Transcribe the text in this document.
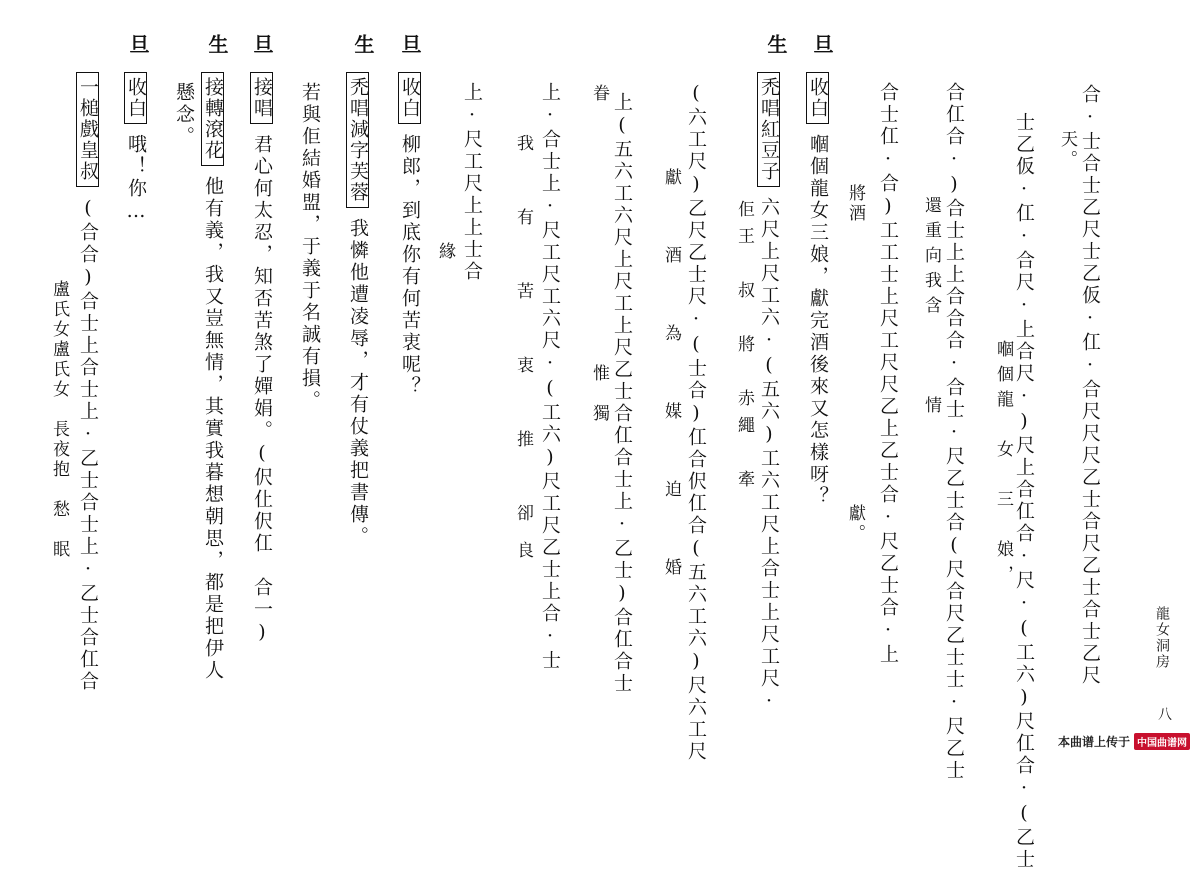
龍女洞房
八
旦
生
旦
生
旦
生
旦
合·士合士乙尺士乙仮·仜·合尺尺尺乙士合尺乙士合士乙尺
天。
士乙仮·仜·合尺·上合尺·)尺上合仜合·尺·(工六)尺仜合·(乙士
嗰個龍　女　三　娘，
合仜合·)合士上上合合合·合士·尺乙士合(尺合尺乙士士·尺乙士
還重向我含　　　情
合士仜·合)工工士上尺工尺尺乙上乙士合·尺乙士合·上
將酒　　　　　　　　　　　　　　獻。
收白嗰個龍女三娘，獻完酒後來又怎樣呀？
禿唱紅豆子六尺上尺工六·(五六)工六工尺上合士上尺工尺·
佢王　叔　將　赤繩　牽
(六工尺)乙尺乙士尺·(士合)仜合伬仜合(五六工六)尺六工尺
獻　酒　為　媒　迫　婚
上(五六工六尺上尺工上尺乙士合仜合士上·乙士)合仜合士
眷　　　　　　　　　　　　　惟　獨
上·合士上·尺工尺工六尺·(工六)尺工尺乙士上合·士
我　有　苦　衷　推　卻良
上·尺工尺上上士合
緣
收白柳郎，到底你有何苦衷呢？
禿唱減字芙蓉我憐他遭凌辱，才有仗義把書傳。
若與佢結婚盟，于義于名誠有損。
接唱君心何太忍，知否苦煞了嬋娟。(伬仩伬仜　合一)
接轉滾花他有義，我又豈無情，其實我暮想朝思，都是把伊人
懸念。
收白哦！你…
一槌戲皇叔(合合)合士上合士上·乙士合士上·乙士合仜合
盧氏女盧氏女　長夜抱　愁　眠
本曲谱上传于 中国曲谱网
